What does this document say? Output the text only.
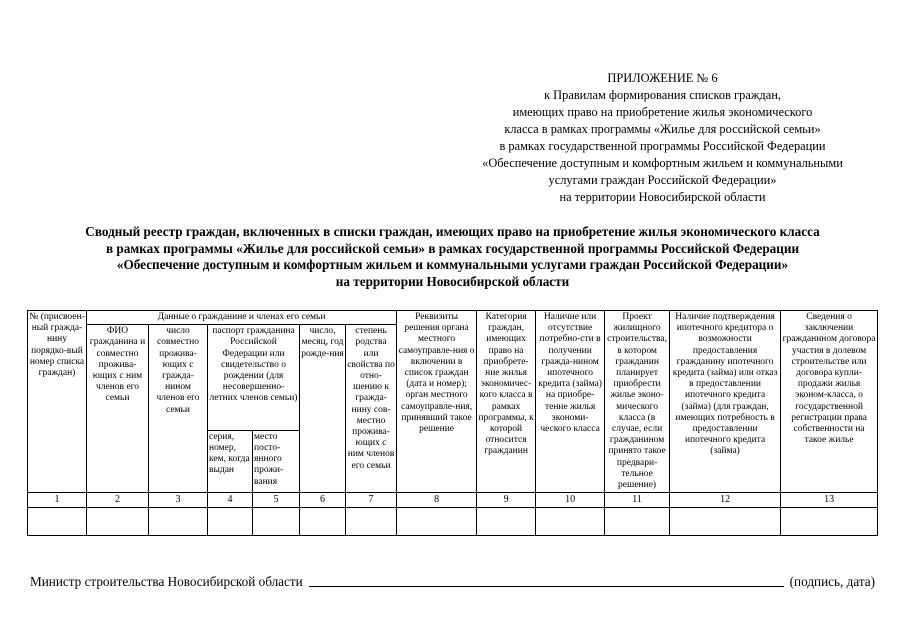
ПРИЛОЖЕНИЕ № 6
к Правилам формирования списков граждан,
имеющих право на приобретение жилья экономического
класса в рамках программы «Жилье для российской семьи»
в рамках государственной программы Российской Федерации
«Обеспечение доступным и комфортным жильем и коммунальными
услугами граждан Российской Федерации»
на территории Новосибирской области
Сводный реестр граждан, включенных в списки граждан, имеющих право на приобретение жилья экономического класса
в рамках программы «Жилье для российской семьи» в рамках государственной программы Российской Федерации
«Обеспечение доступным и комфортным жильем и коммунальными услугами граждан Российской Федерации»
на территории Новосибирской области
№ (присвоен-ный гражда-нину порядко-вый номер списка граждан)	Данные о гражданине и членах его семьи						Реквизиты решения органа местного самоуправле-ния о включении в список граждан (дата и номер); орган местного самоуправле-ния, принявший такое решение	Категория граждан, имеющих право на приобрете-ние жилья экономичес-кого класса в рамках программы, к которой относится гражданин	Наличие или отсутствие потребно-сти в получении гражда-нином ипотечного кредита (займа) на приобре-тение жилья экономи-ческого класса	Проект жилищного строительства, в котором гражданин планирует приобрести жилье эконо-мического класса (в случае, если гражданином принято такое предвари-тельное решение)	Наличие подтверждения ипотечного кредитора о возможности предоставления гражданину ипотечного кредита (займа) или отказ в предоставлении ипотечного кредита (займа) (для граждан, имеющих потребность в предоставлении ипотечного кредита (займа)	Сведения о заключении гражданином договора участия в долевом строительстве или договора купли-продажи жилья эконом-класса, о государственной регистрации права собственности на такое жилье
	ФИО гражданина и совместно прожива-ющих с ним членов его семьи	число совместно прожива-ющих с гражда-нином членов его семьи	паспорт гражданина Российской Федерации или свидетельство о рождении (для несовершенно-летних членов семьи)		число, месяц, год рожде-ния	степень родства или свойства по отно-шению к гражда-нину сов-местно прожива-ющих с ним членов его семьи						
			серия, номер, кем, когда выдан	место посто-янного прожи-вания								
1	2	3	4	5	6	7	8	9	10	11	12	13

Министр строительства Новосибирской области	(подпись, дата)
